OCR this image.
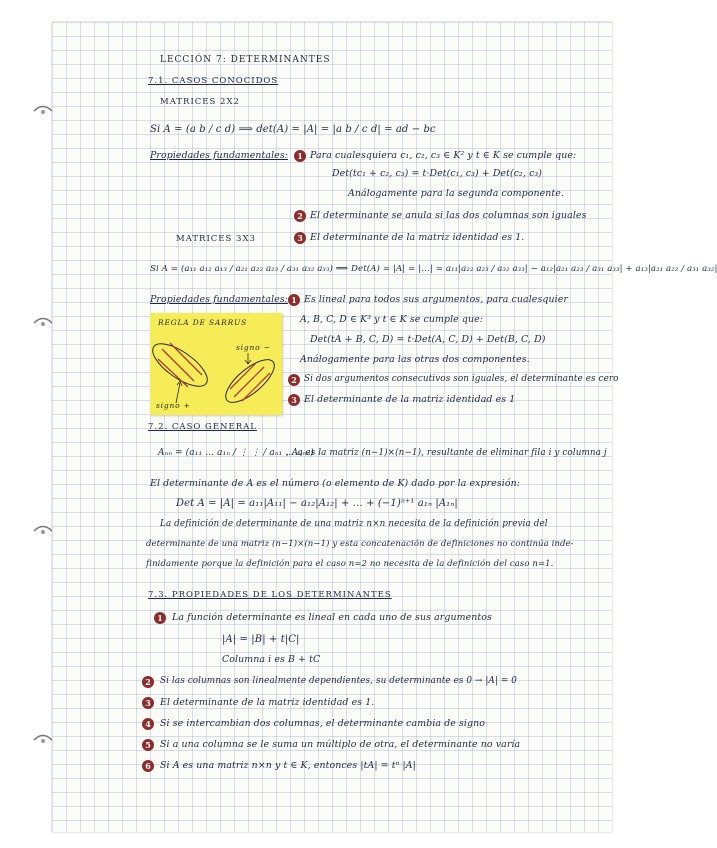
LECCIÓN 7: DETERMINANTES
7.1. CASOS CONOCIDOS
MATRICES 2X2
Si A = (a b / c d) ⟹ det(A) = |A| = |a b / c d| = ad − bc
Propiedades fundamentales:	1 Para cualesquiera c₁, c₂, c₃ ∈ K² y t ∈ K se cumple que:
Det(tc₁ + c₂, c₃) = t·Det(c₁, c₃) + Det(c₂, c₃)
Análogamente para la segunda componente.
2 El determinante se anula si las dos columnas son iguales
MATRICES 3X3	3 El determinante de la matriz identidad es 1.
Si A = (a₁₁ a₁₂ a₁₃ / a₂₁ a₂₂ a₂₃ / a₃₁ a₃₂ a₃₃) ⟹ Det(A) = |A| = |…| = a₁₁|a₂₂ a₂₃ / a₃₂ a₃₃| − a₁₂|a₂₁ a₂₃ / a₃₁ a₃₃| + a₁₃|a₂₁ a₂₂ / a₃₁ a₃₂|
Propiedades fundamentales: 1 Es lineal para todos sus argumentos, para cualesquier
A, B, C, D ∈ K³ y t ∈ K se cumple que:
Det(tA + B, C, D) = t·Det(A, C, D) + Det(B, C, D)
Análogamente para las otras dos componentes.
2 Si dos argumentos consecutivos son iguales, el determinante es cero
3 El determinante de la matriz identidad es 1
REGLA DE SARRUS
signo +
signo −
7.2. CASO GENERAL
Aₙₙ = (a₁₁ … a₁ₙ / ⋮ ⋮ / aₙ₁ … aₙₙ)
, Aᵢⱼ es la matriz (n−1)×(n−1), resultante de eliminar fila i y columna j
El determinante de A es el número (o elemento de K) dado por la expresión:
Det A = |A| = a₁₁|A₁₁| − a₁₂|A₁₂| + … + (−1)ⁿ⁺¹ a₁ₙ |A₁ₙ|
La definición de determinante de una matriz n×n necesita de la definición previa del
determinante de una matriz (n−1)×(n−1) y esta concatenación de definiciones no continúa inde-
finidamente porque la definición para el caso n=2 no necesita de la definición del caso n=1.
7.3. PROPIEDADES DE LOS DETERMINANTES
1 La función determinante es lineal en cada uno de sus argumentos
|A| = |B| + t|C|
Columna i es B + tC
2	Si las columnas son linealmente dependientes, su determinante es 0 → |A| = 0
3 El determinante de la matriz identidad es 1.
4 Si se intercambian dos columnas, el determinante cambia de signo
5 Si a una columna se le suma un múltiplo de otra, el determinante no varía
6 Si A es una matriz n×n y t ∈ K, entonces |tA| = tⁿ |A|
